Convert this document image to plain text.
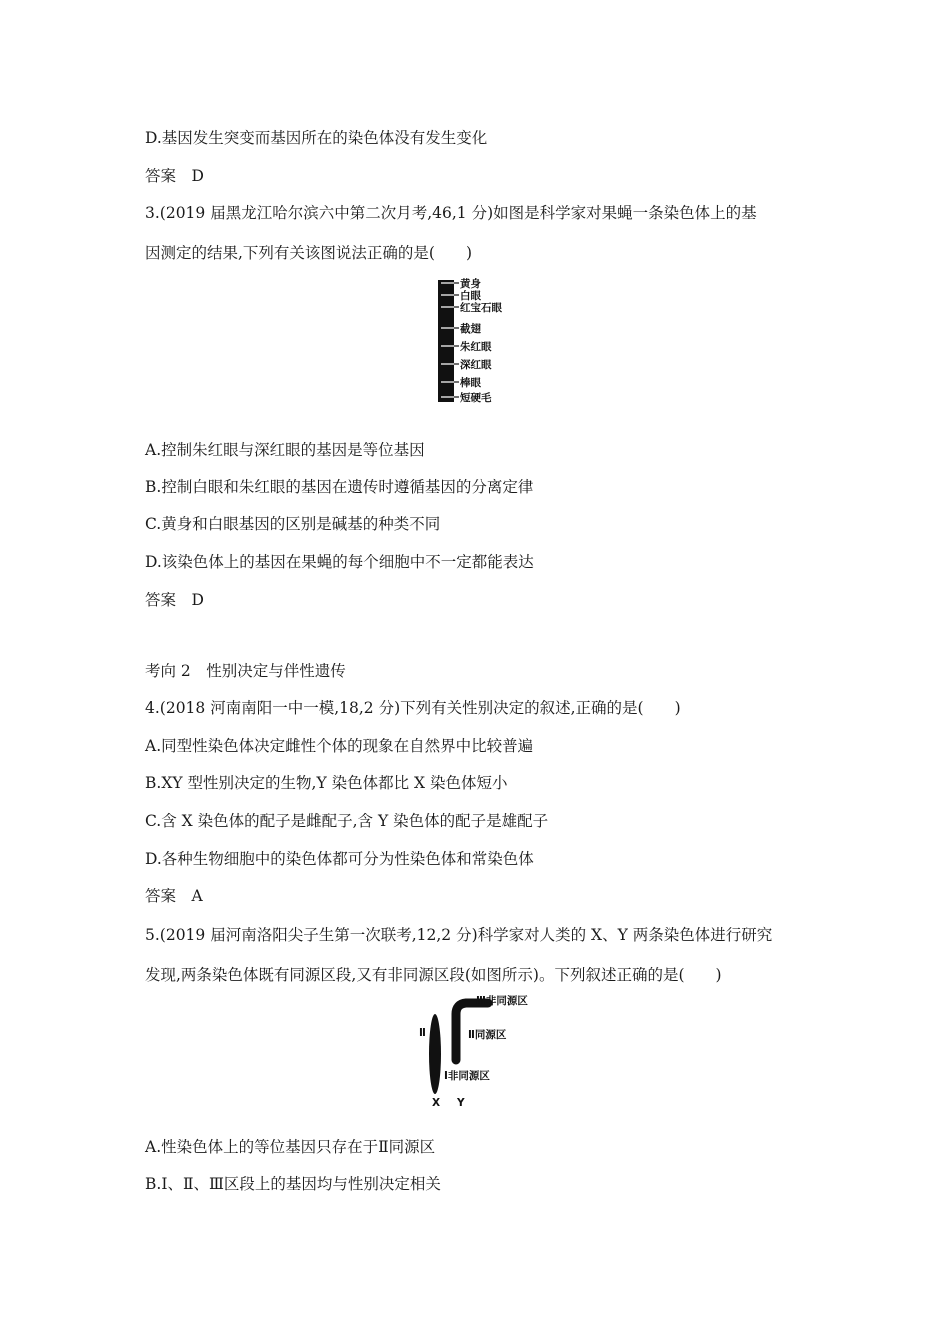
D.基因发生突变而基因所在的染色体没有发生变化
答案　D
3.(2019 届黑龙江哈尔滨六中第二次月考,46,1 分)如图是科学家对果蝇一条染色体上的基
因测定的结果,下列有关该图说法正确的是(　　)
黄身
白眼
红宝石眼
截翅
朱红眼
深红眼
棒眼
短硬毛
A.控制朱红眼与深红眼的基因是等位基因
B.控制白眼和朱红眼的基因在遗传时遵循基因的分离定律
C.黄身和白眼基因的区别是碱基的种类不同
D.该染色体上的基因在果蝇的每个细胞中不一定都能表达
答案　D
考向 2　性别决定与伴性遗传
4.(2018 河南南阳一中一模,18,2 分)下列有关性别决定的叙述,正确的是(　　)
A.同型性染色体决定雌性个体的现象在自然界中比较普遍
B.XY 型性别决定的生物,Y 染色体都比 X 染色体短小
C.含 X 染色体的配子是雌配子,含 Y 染色体的配子是雄配子
D.各种生物细胞中的染色体都可分为性染色体和常染色体
答案　A
5.(2019 届河南洛阳尖子生第一次联考,12,2 分)科学家对人类的 X、Y 两条染色体进行研究
发现,两条染色体既有同源区段,又有非同源区段(如图所示)。下列叙述正确的是(　　)
Ⅱ
Ⅲ非同源区
Ⅱ同源区
Ⅰ非同源区
X Y
A.性染色体上的等位基因只存在于Ⅱ同源区
B.Ⅰ、Ⅱ、Ⅲ区段上的基因均与性别决定相关
